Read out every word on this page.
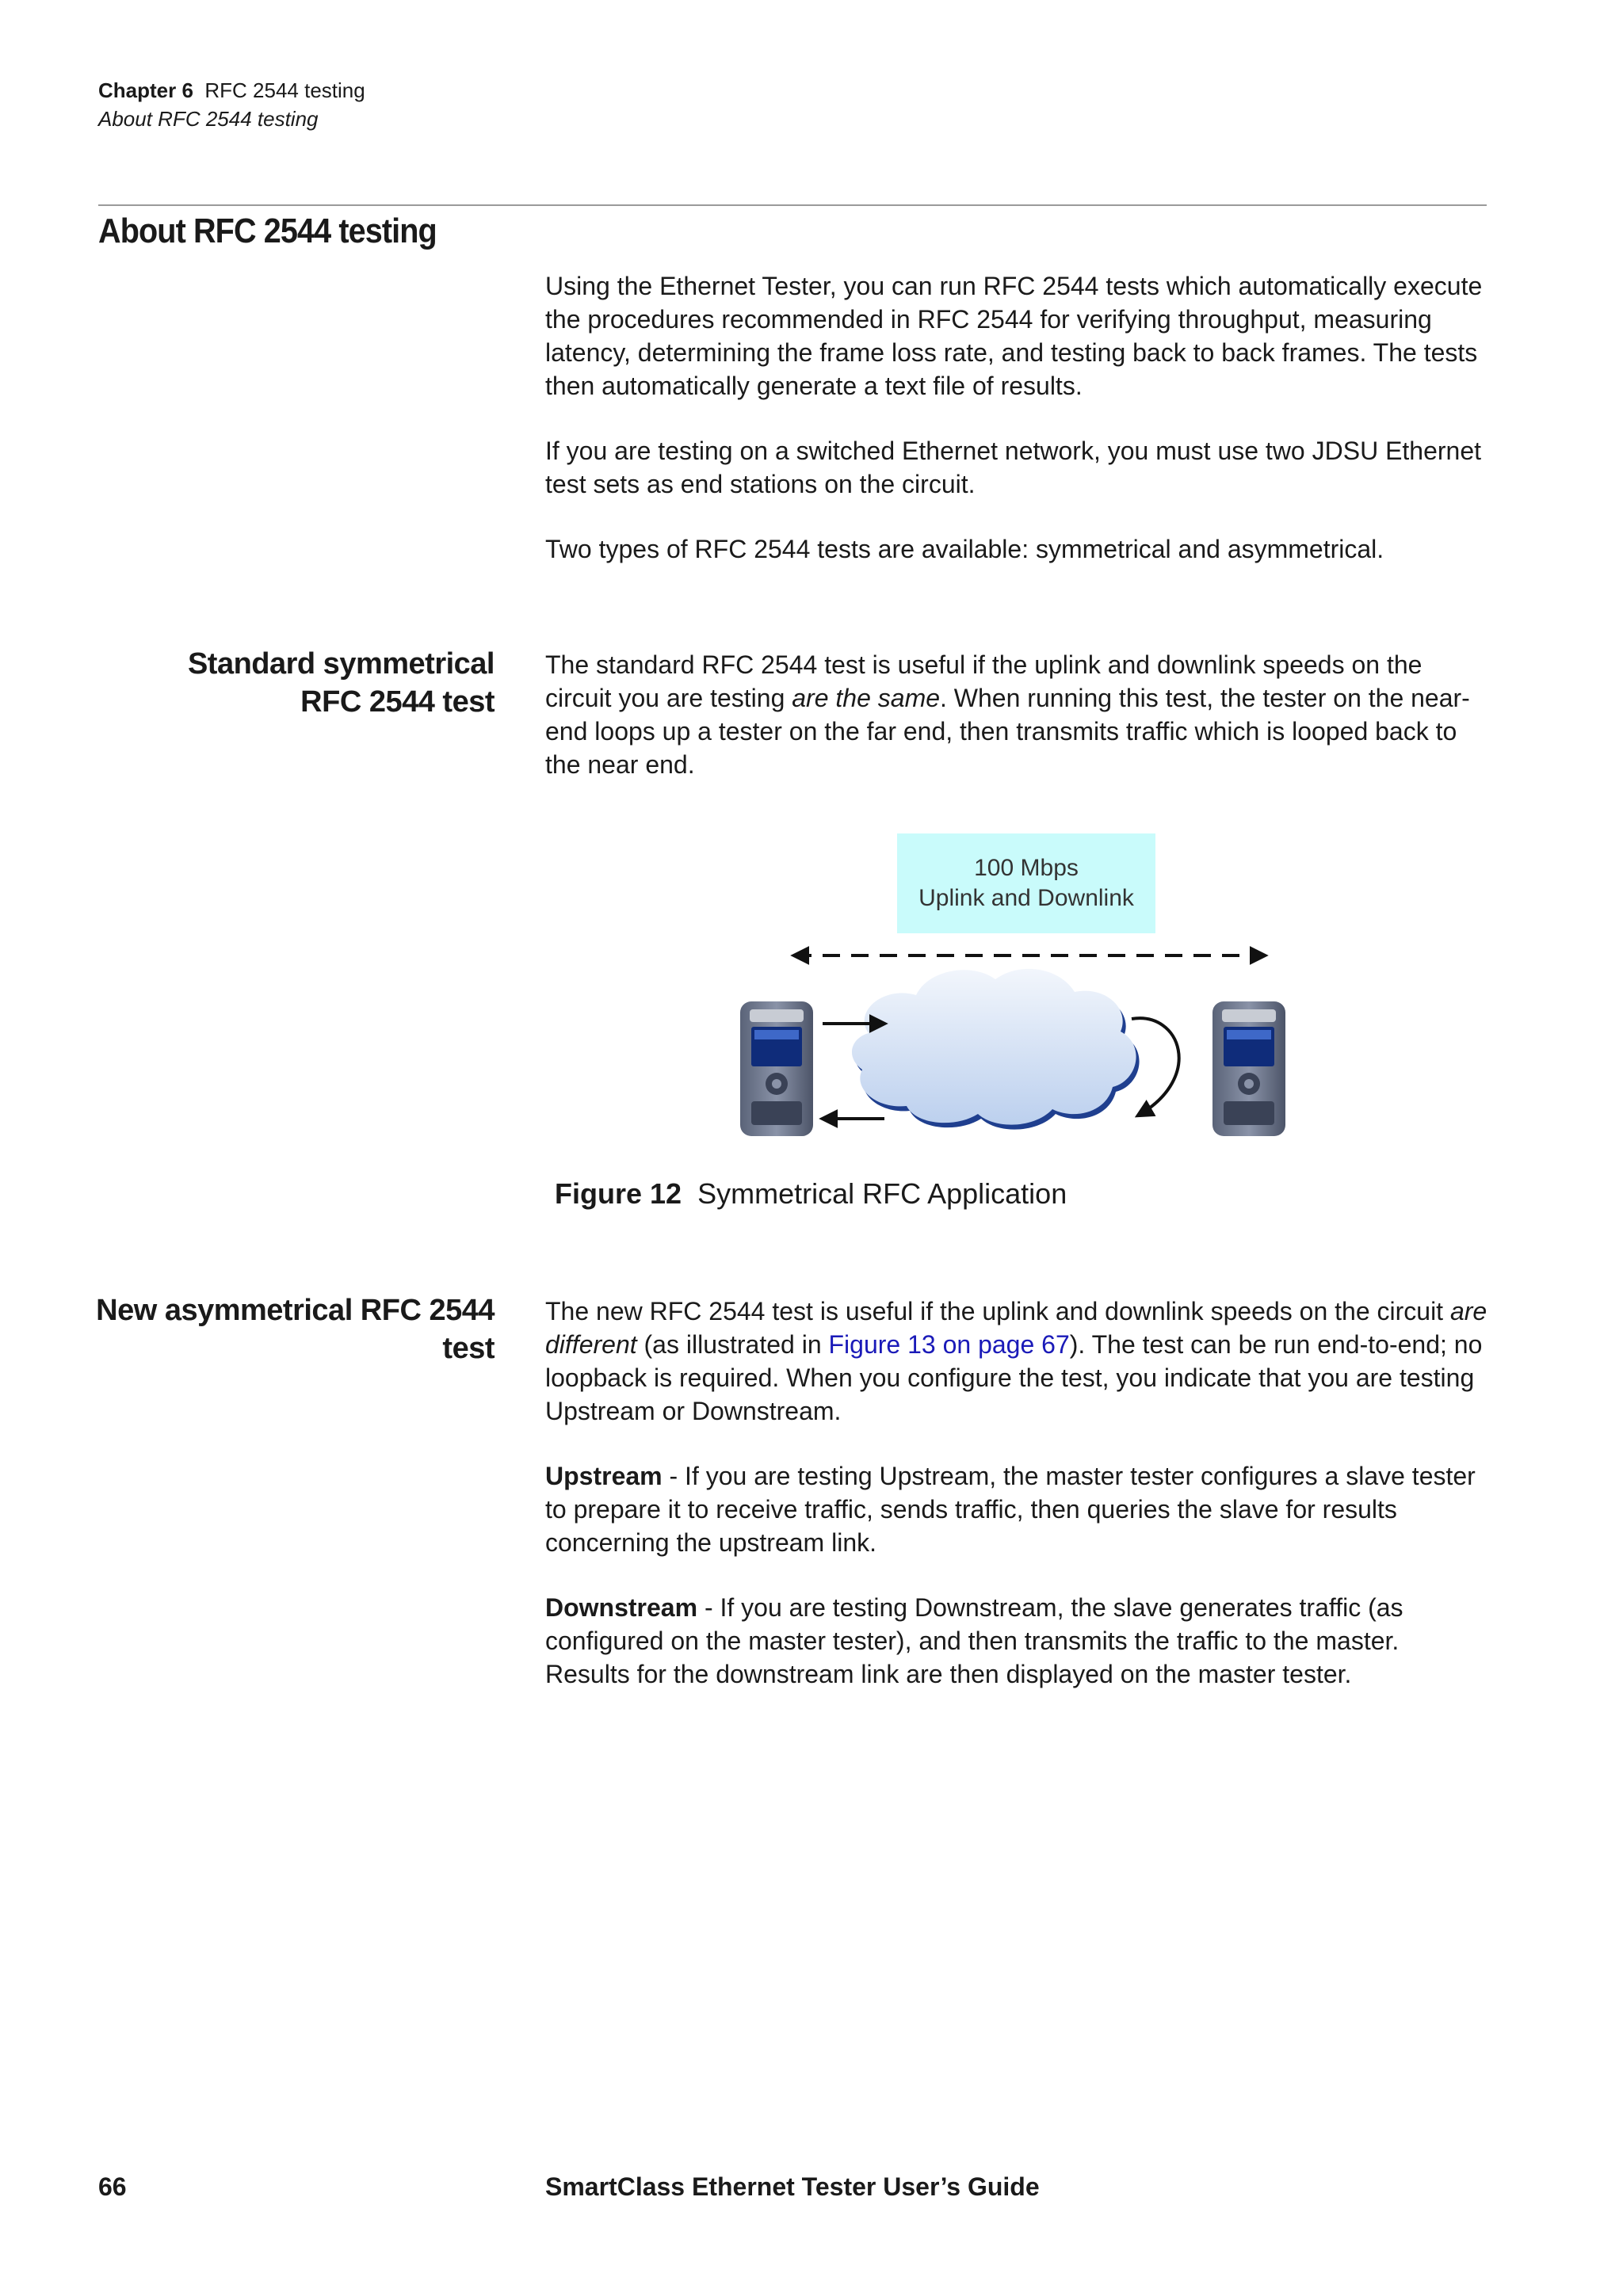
Chapter 6 RFC 2544 testing
About RFC 2544 testing
About RFC 2544 testing
Using the Ethernet Tester, you can run RFC 2544 tests which automatically execute the procedures recommended in RFC 2544 for verifying throughput, measuring latency, determining the frame loss rate, and testing back to back frames. The tests then automatically generate a text file of results.
If you are testing on a switched Ethernet network, you must use two JDSU Ethernet test sets as end stations on the circuit.
Two types of RFC 2544 tests are available: symmetrical and asymmetrical.
Standard symmetrical
RFC 2544 test
The standard RFC 2544 test is useful if the uplink and downlink speeds on the circuit you are testing are the same. When running this test, the tester on the near-end loops up a tester on the far end, then transmits traffic which is looped back to the near end.
100 Mbps
Uplink and Downlink
Figure 12 Symmetrical RFC Application
New asymmetrical RFC 2544
test
The new RFC 2544 test is useful if the uplink and downlink speeds on the circuit are different (as illustrated in Figure 13 on page 67). The test can be run end-to-end; no loopback is required. When you configure the test, you indicate that you are testing Upstream or Downstream.
Upstream - If you are testing Upstream, the master tester configures a slave tester to prepare it to receive traffic, sends traffic, then queries the slave for results concerning the upstream link.
Downstream - If you are testing Downstream, the slave generates traffic (as configured on the master tester), and then transmits the traffic to the master. Results for the downstream link are then displayed on the master tester.
66	SmartClass Ethernet Tester User’s Guide
